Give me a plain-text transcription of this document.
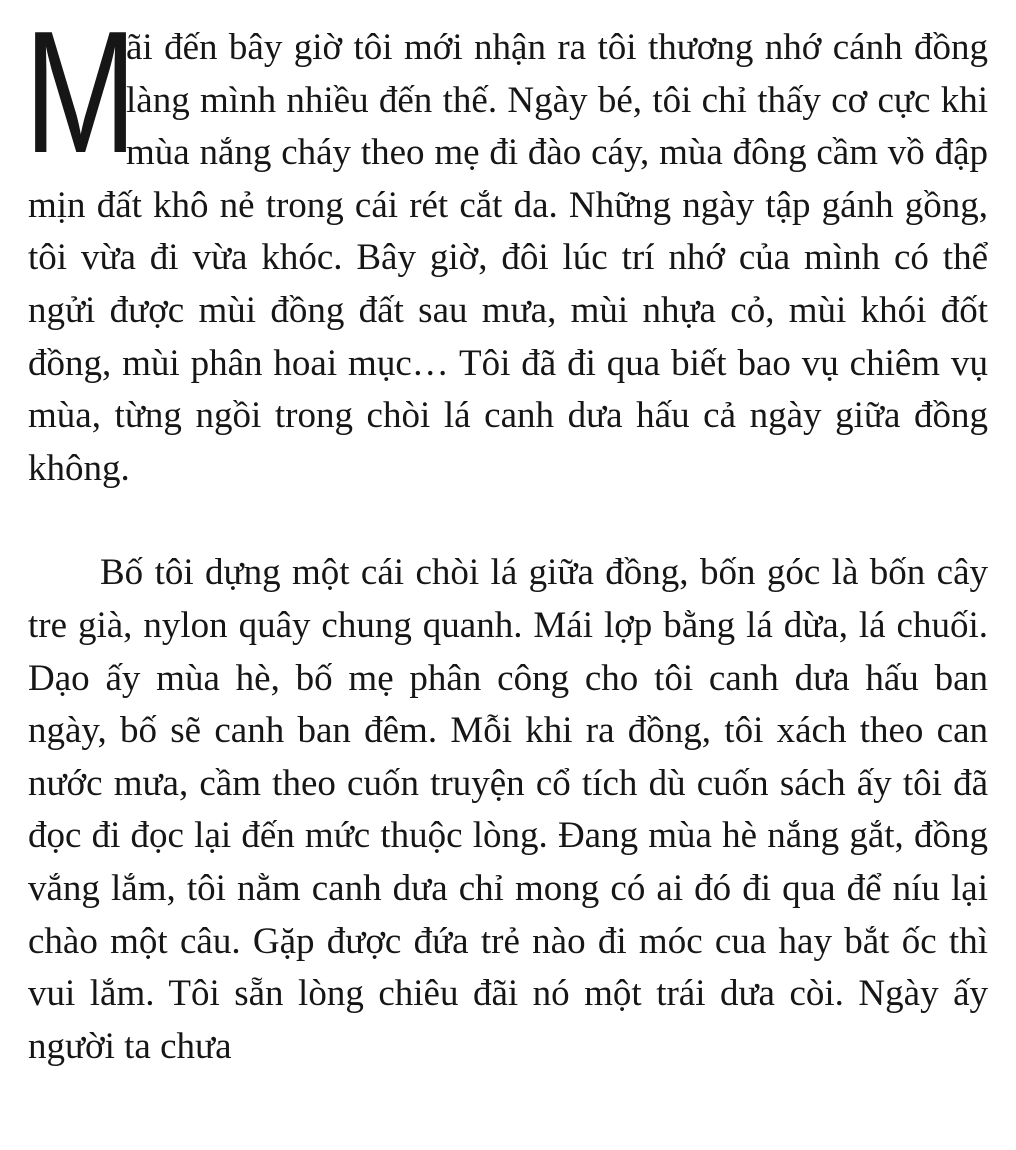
M
ãi đến bây giờ tôi mới nhận ra tôi thương nhớ cánh đồng làng mình nhiều đến thế. Ngày bé, tôi chỉ thấy cơ cực khi mùa nắng cháy theo mẹ đi đào cáy, mùa đông cầm vồ đập mịn đất khô nẻ trong cái rét cắt da. Những ngày tập gánh gồng, tôi vừa đi vừa khóc. Bây giờ, đôi lúc trí nhớ của mình có thể ngửi được mùi đồng đất sau mưa, mùi nhựa cỏ, mùi khói đốt đồng, mùi phân hoai mục… Tôi đã đi qua biết bao vụ chiêm vụ mùa, từng ngồi trong chòi lá canh dưa hấu cả ngày giữa đồng không.

Bố tôi dựng một cái chòi lá giữa đồng, bốn góc là bốn cây tre già, nylon quây chung quanh. Mái lợp bằng lá dừa, lá chuối. Dạo ấy mùa hè, bố mẹ phân công cho tôi canh dưa hấu ban ngày, bố sẽ canh ban đêm. Mỗi khi ra đồng, tôi xách theo can nước mưa, cầm theo cuốn truyện cổ tích dù cuốn sách ấy tôi đã đọc đi đọc lại đến mức thuộc lòng. Đang mùa hè nắng gắt, đồng vắng lắm, tôi nằm canh dưa chỉ mong có ai đó đi qua để níu lại chào một câu. Gặp được đứa trẻ nào đi móc cua hay bắt ốc thì vui lắm. Tôi sẵn lòng chiêu đãi nó một trái dưa còi. Ngày ấy người ta chưa
